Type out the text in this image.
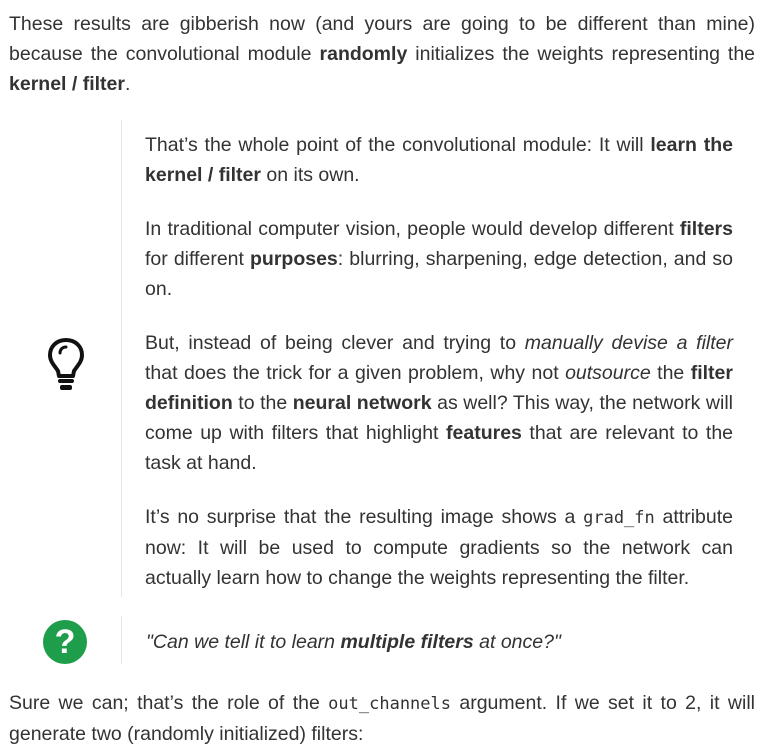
These results are gibberish now (and yours are going to be different than mine) because the convolutional module randomly initializes the weights representing the kernel / filter.

That’s the whole point of the convolutional module: It will learn the kernel / filter on its own.

In traditional computer vision, people would develop different filters for different purposes: blurring, sharpening, edge detection, and so on.

But, instead of being clever and trying to manually devise a filter that does the trick for a given problem, why not outsource the filter definition to the neural network as well? This way, the network will come up with filters that highlight features that are relevant to the task at hand.

It’s no surprise that the resulting image shows a grad_fn attribute now: It will be used to compute gradients so the network can actually learn how to change the weights representing the filter.

?	"Can we tell it to learn multiple filters at once?"

Sure we can; that’s the role of the out_channels argument. If we set it to 2, it will generate two (randomly initialized) filters:
